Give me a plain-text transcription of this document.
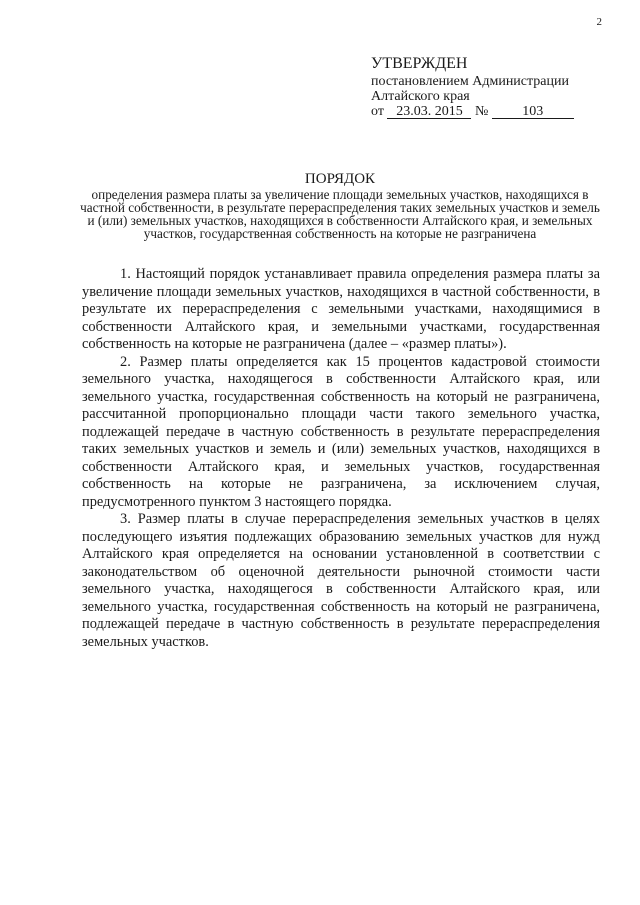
2
УТВЕРЖДЕН
постановлением Администрации
Алтайского края
от 23.03. 2015 № 103
ПОРЯДОК
определения размера платы за увеличение площади земельных участков, находящихся в частной собственности, в результате перераспределения таких земельных участков и земель и (или) земельных участков, находящихся в собственности Алтайского края, и земельных участков, государственная собственность на которые не разграничена

1. Настоящий порядок устанавливает правила определения размера платы за увеличение площади земельных участков, находящихся в частной собственности, в результате их перераспределения с земельными участками, находящимися в собственности Алтайского края, и земельными участками, государственная собственность на которые не разграничена (далее – «размер платы»).

2. Размер платы определяется как 15 процентов кадастровой стоимости земельного участка, находящегося в собственности Алтайского края, или земельного участка, государственная собственность на который не разграничена, рассчитанной пропорционально площади части такого земельного участка, подлежащей передаче в частную собственность в результате перераспределения таких земельных участков и земель и (или) земельных участков, находящихся в собственности Алтайского края, и земельных участков, государственная собственность на которые не разграничена, за исключением случая, предусмотренного пунктом 3 настоящего порядка.

3. Размер платы в случае перераспределения земельных участков в целях последующего изъятия подлежащих образованию земельных участков для нужд Алтайского края определяется на основании установленной в соответствии с законодательством об оценочной деятельности рыночной стоимости части земельного участка, находящегося в собственности Алтайского края, или земельного участка, государственная собственность на который не разграничена, подлежащей передаче в частную собственность в результате перераспределения земельных участков.
